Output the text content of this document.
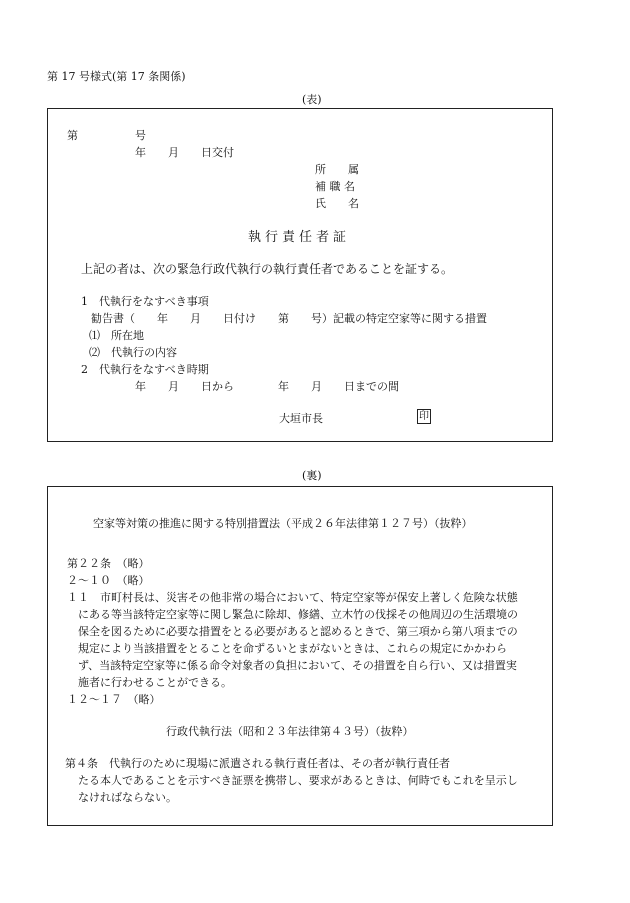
第 17 号様式(第 17 条関係)
(表)
第	号
年　　月　　日交付
所　　属
補 職 名
氏　　名
執行責任者証
上記の者は、次の緊急行政代執行の執行責任者であることを証する。
1　代執行をなすべき事項
勧告書（　　年　　月　　日付け　　第　　号）記載の特定空家等に関する措置
⑴　所在地
⑵　代執行の内容
2　代執行をなすべき時期
年　　月　　日から　　　　年　　月　　日までの間
大垣市長	印
(裏)
空家等対策の推進に関する特別措置法（平成２６年法律第１２７号）（抜粋）
第２２条　（略）
２～１０　（略）
１１　市町村長は、災害その他非常の場合において、特定空家等が保安上著しく危険な状態
にある等当該特定空家等に関し緊急に除却、修繕、立木竹の伐採その他周辺の生活環境の
保全を図るために必要な措置をとる必要があると認めるときで、第三項から第八項までの
規定により当該措置をとることを命ずるいとまがないときは、これらの規定にかかわら
ず、当該特定空家等に係る命令対象者の負担において、その措置を自ら行い、又は措置実
施者に行わせることができる。
１２～１７　（略）
行政代執行法（昭和２３年法律第４３号）（抜粋）
第４条　代執行のために現場に派遣される執行責任者は、その者が執行責任者
たる本人であることを示すべき証票を携帯し、要求があるときは、何時でもこれを呈示し
なければならない。
